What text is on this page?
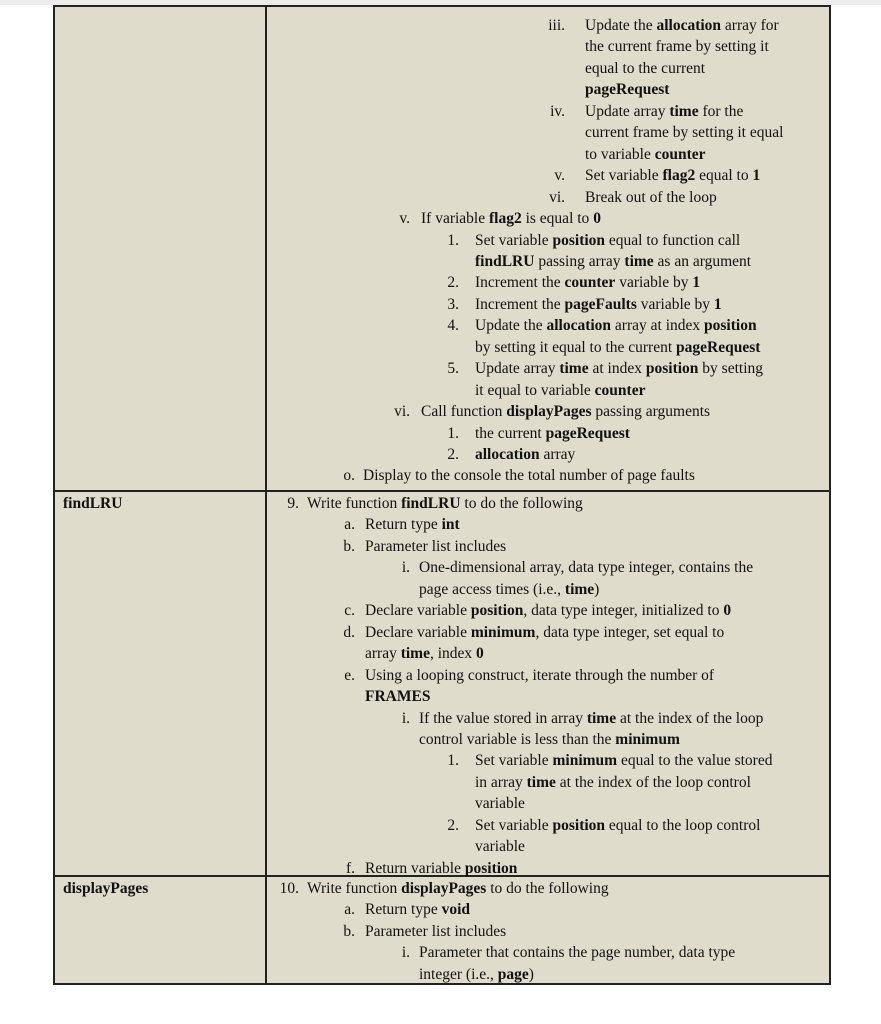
findLRU
displayPages
iii. Update the allocation array for
the current frame by setting it
equal to the current
pageRequest
iv. Update array time for the
current frame by setting it equal
to variable counter
v. Set variable flag2 equal to 1
vi. Break out of the loop
v. If variable flag2 is equal to 0
1. Set variable position equal to function call
findLRU passing array time as an argument
2. Increment the counter variable by 1
3. Increment the pageFaults variable by 1
4. Update the allocation array at index position
by setting it equal to the current pageRequest
5. Update array time at index position by setting
it equal to variable counter
vi. Call function displayPages passing arguments
1. the current pageRequest
2. allocation array
o. Display to the console the total number of page faults
9. Write function findLRU to do the following
a. Return type int
b. Parameter list includes
i. One-dimensional array, data type integer, contains the
page access times (i.e., time)
c. Declare variable position, data type integer, initialized to 0
d. Declare variable minimum, data type integer, set equal to
array time, index 0
e. Using a looping construct, iterate through the number of
FRAMES
i. If the value stored in array time at the index of the loop
control variable is less than the minimum
1. Set variable minimum equal to the value stored
in array time at the index of the loop control
variable
2. Set variable position equal to the loop control
variable
f. Return variable position
10. Write function displayPages to do the following
a. Return type void
b. Parameter list includes
i. Parameter that contains the page number, data type
integer (i.e., page)
